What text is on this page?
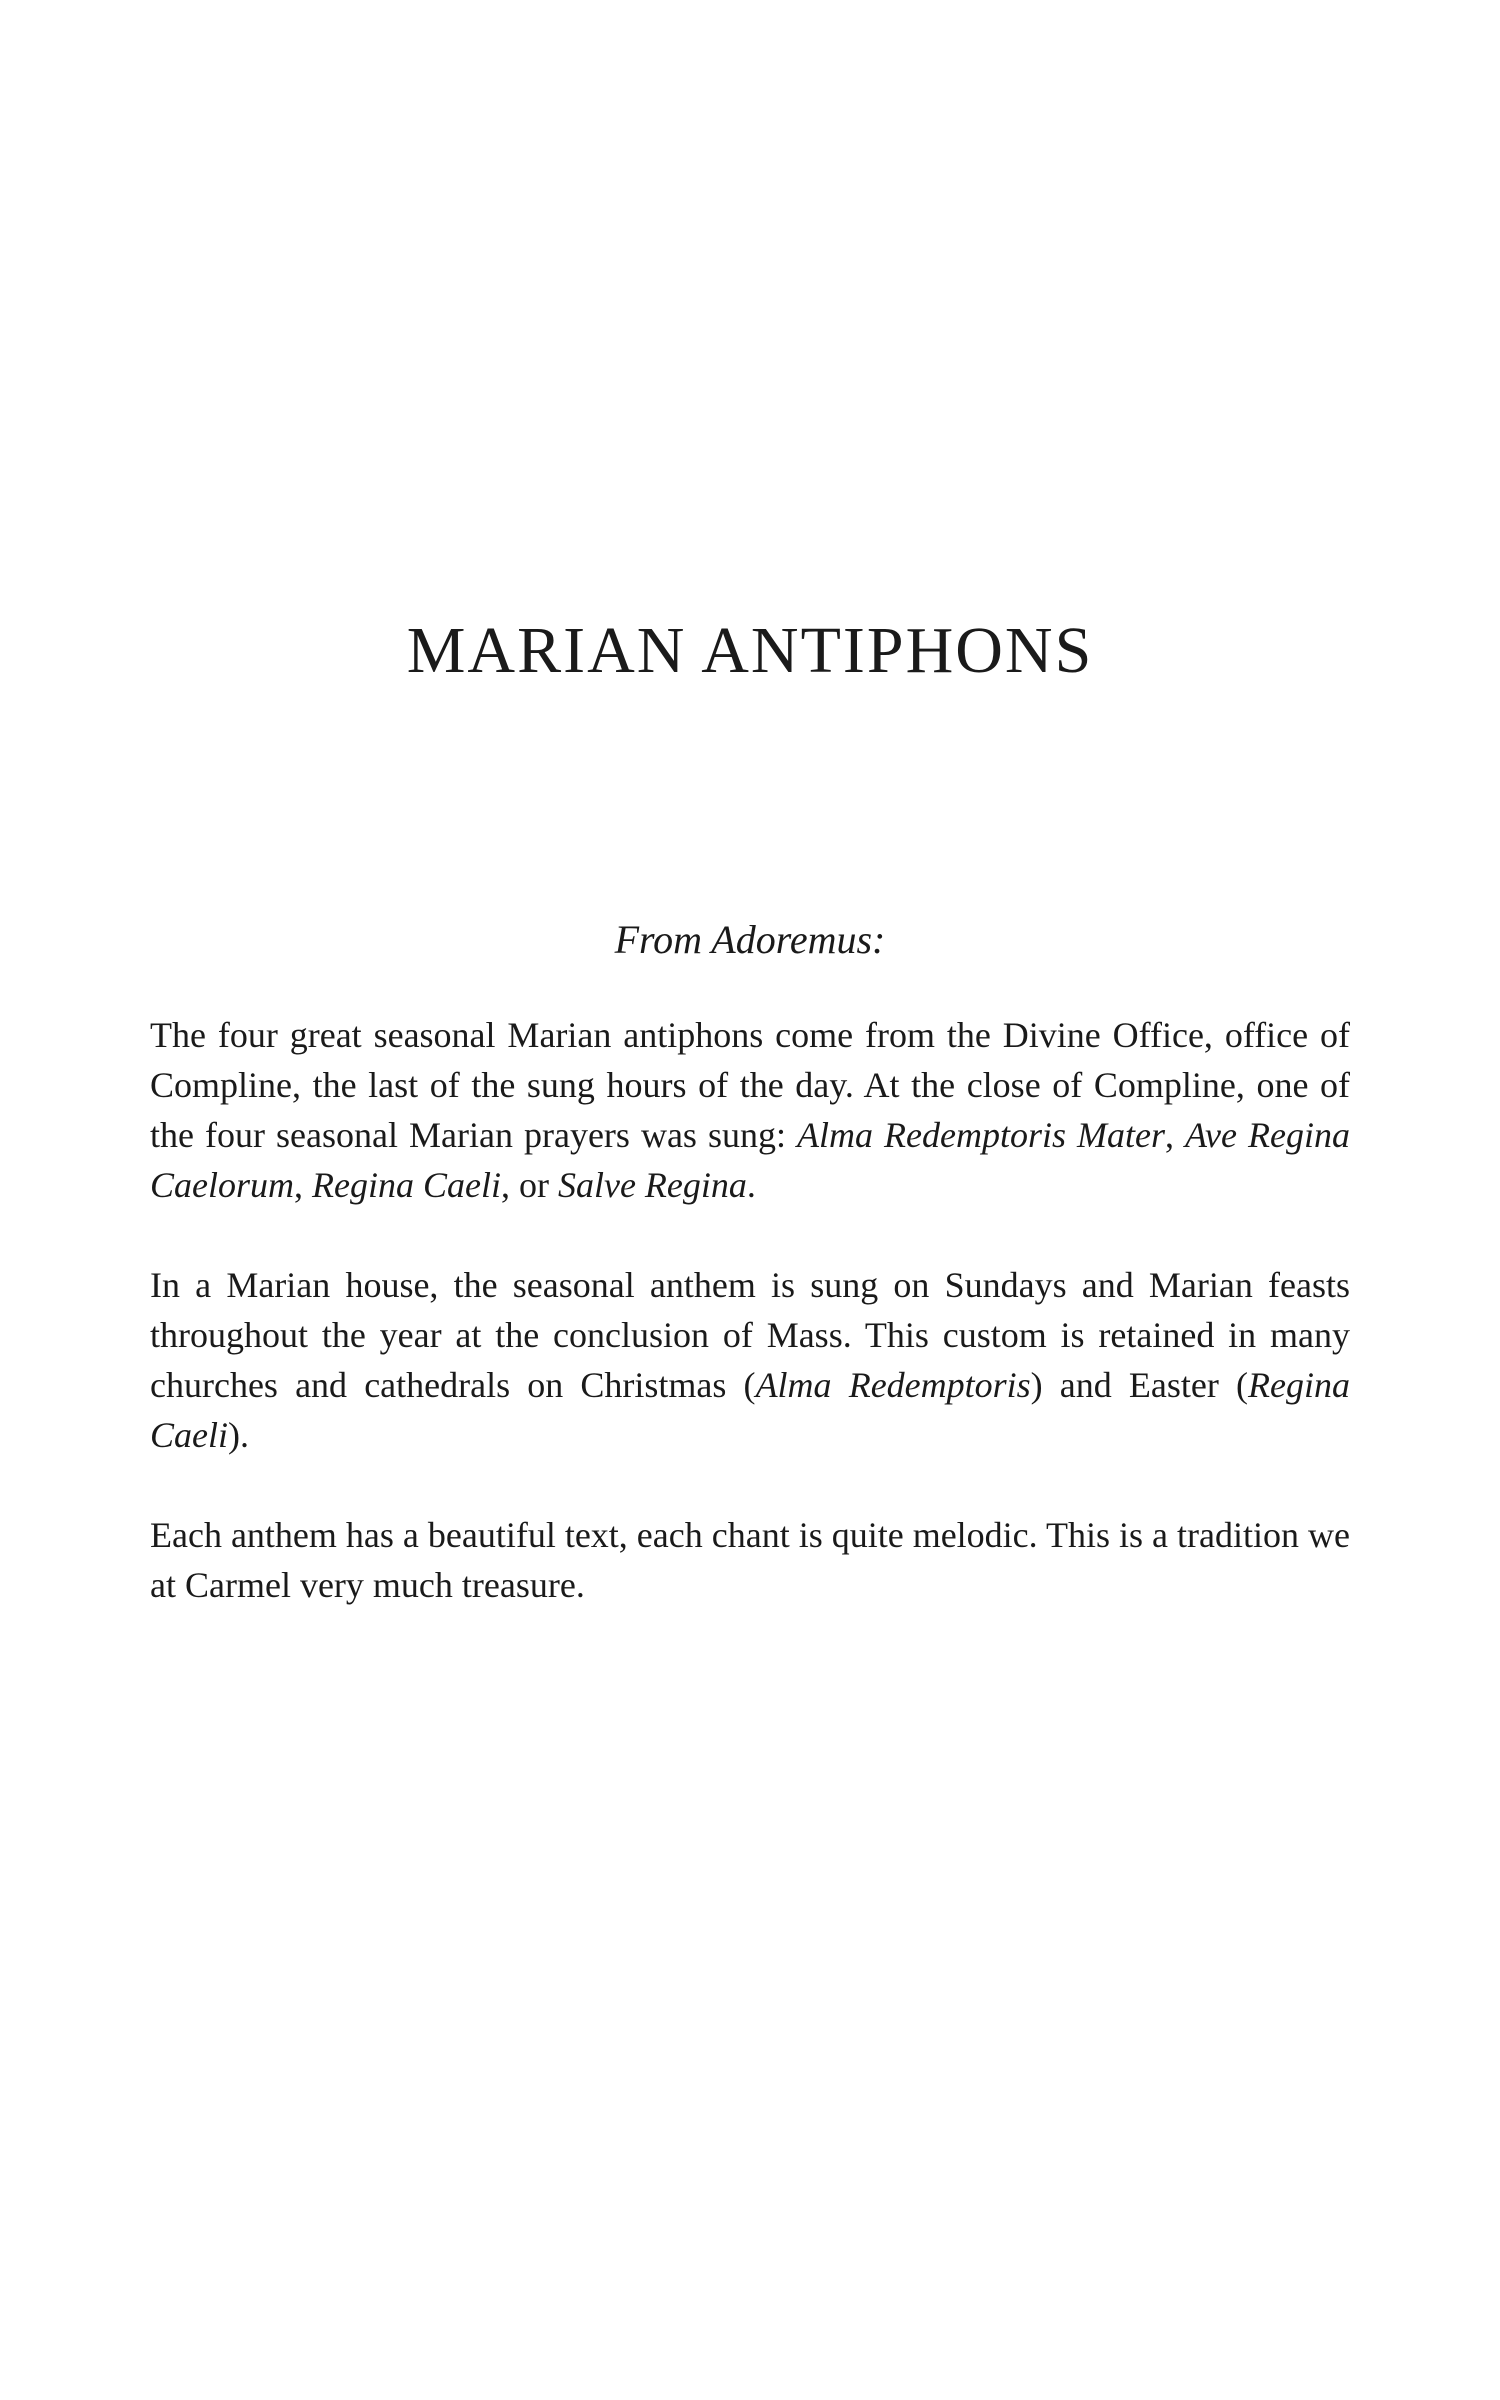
MARIAN ANTIPHONS
From Adoremus:

The four great seasonal Marian antiphons come from the Divine Office, office of Compline, the last of the sung hours of the day. At the close of Compline, one of the four seasonal Marian prayers was sung: Alma Redemptoris Mater, Ave Regina Caelorum, Regina Caeli, or Salve Regina.

In a Marian house, the seasonal anthem is sung on Sundays and Marian feasts throughout the year at the conclusion of Mass. This custom is retained in many churches and cathedrals on Christmas (Alma Redemptoris) and Easter (Regina Caeli).

Each anthem has a beautiful text, each chant is quite melodic. This is a tradition we at Carmel very much treasure.
